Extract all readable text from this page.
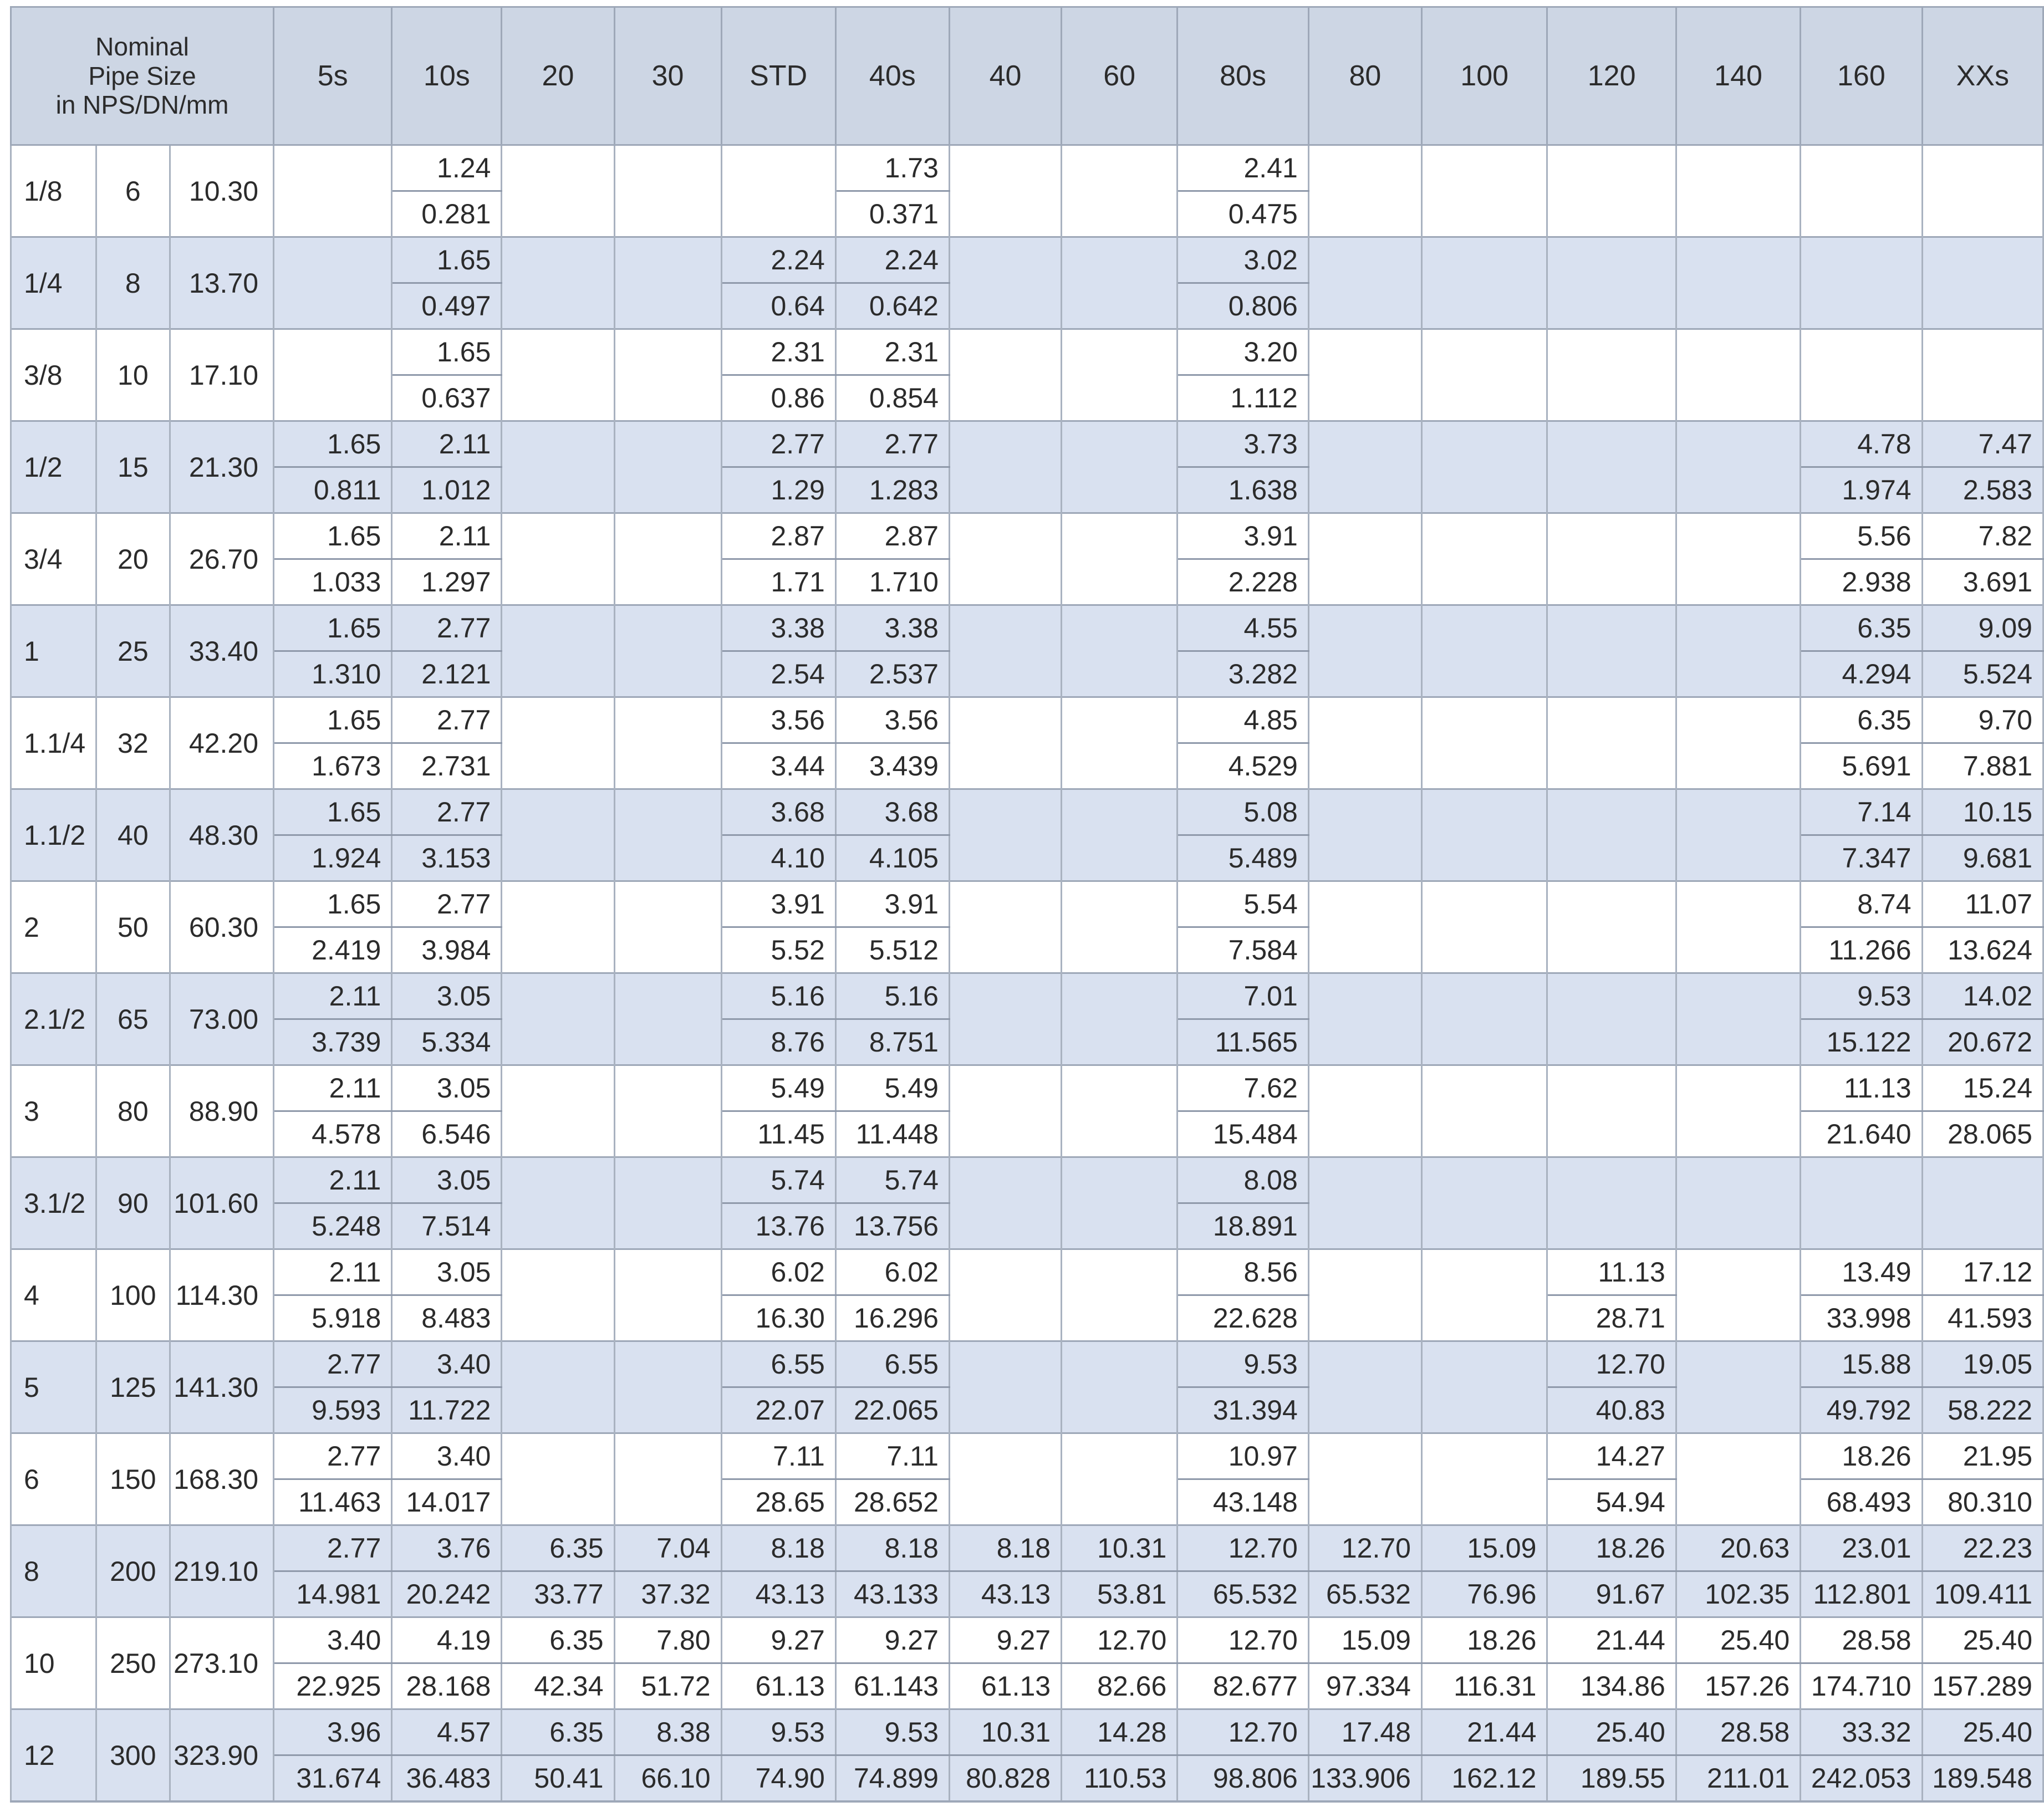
Nominal
Pipe Size
in NPS/DN/mm			5s	10s	20	30	STD	40s	40	60	80s	80	100	120	140	160	XXs
1/8	6	10.30		1.24				1.73			2.41						
				0.281				0.371			0.475						
1/4	8	13.70		1.65			2.24	2.24			3.02						
				0.497			0.64	0.642			0.806						
3/8	10	17.10		1.65			2.31	2.31			3.20						
				0.637			0.86	0.854			1.112						
1/2	15	21.30	1.65	2.11			2.77	2.77			3.73					4.78	7.47
			0.811	1.012			1.29	1.283			1.638					1.974	2.583
3/4	20	26.70	1.65	2.11			2.87	2.87			3.91					5.56	7.82
			1.033	1.297			1.71	1.710			2.228					2.938	3.691
1	25	33.40	1.65	2.77			3.38	3.38			4.55					6.35	9.09
			1.310	2.121			2.54	2.537			3.282					4.294	5.524
1.1/4	32	42.20	1.65	2.77			3.56	3.56			4.85					6.35	9.70
			1.673	2.731			3.44	3.439			4.529					5.691	7.881
1.1/2	40	48.30	1.65	2.77			3.68	3.68			5.08					7.14	10.15
			1.924	3.153			4.10	4.105			5.489					7.347	9.681
2	50	60.30	1.65	2.77			3.91	3.91			5.54					8.74	11.07
			2.419	3.984			5.52	5.512			7.584					11.266	13.624
2.1/2	65	73.00	2.11	3.05			5.16	5.16			7.01					9.53	14.02
			3.739	5.334			8.76	8.751			11.565					15.122	20.672
3	80	88.90	2.11	3.05			5.49	5.49			7.62					11.13	15.24
			4.578	6.546			11.45	11.448			15.484					21.640	28.065
3.1/2	90	101.60	2.11	3.05			5.74	5.74			8.08						
			5.248	7.514			13.76	13.756			18.891						
4	100	114.30	2.11	3.05			6.02	6.02			8.56			11.13		13.49	17.12
			5.918	8.483			16.30	16.296			22.628			28.71		33.998	41.593
5	125	141.30	2.77	3.40			6.55	6.55			9.53			12.70		15.88	19.05
			9.593	11.722			22.07	22.065			31.394			40.83		49.792	58.222
6	150	168.30	2.77	3.40			7.11	7.11			10.97			14.27		18.26	21.95
			11.463	14.017			28.65	28.652			43.148			54.94		68.493	80.310
8	200	219.10	2.77	3.76	6.35	7.04	8.18	8.18	8.18	10.31	12.70	12.70	15.09	18.26	20.63	23.01	22.23
			14.981	20.242	33.77	37.32	43.13	43.133	43.13	53.81	65.532	65.532	76.96	91.67	102.35	112.801	109.411
10	250	273.10	3.40	4.19	6.35	7.80	9.27	9.27	9.27	12.70	12.70	15.09	18.26	21.44	25.40	28.58	25.40
			22.925	28.168	42.34	51.72	61.13	61.143	61.13	82.66	82.677	97.334	116.31	134.86	157.26	174.710	157.289
12	300	323.90	3.96	4.57	6.35	8.38	9.53	9.53	10.31	14.28	12.70	17.48	21.44	25.40	28.58	33.32	25.40
			31.674	36.483	50.41	66.10	74.90	74.899	80.828	110.53	98.806	133.906	162.12	189.55	211.01	242.053	189.548
